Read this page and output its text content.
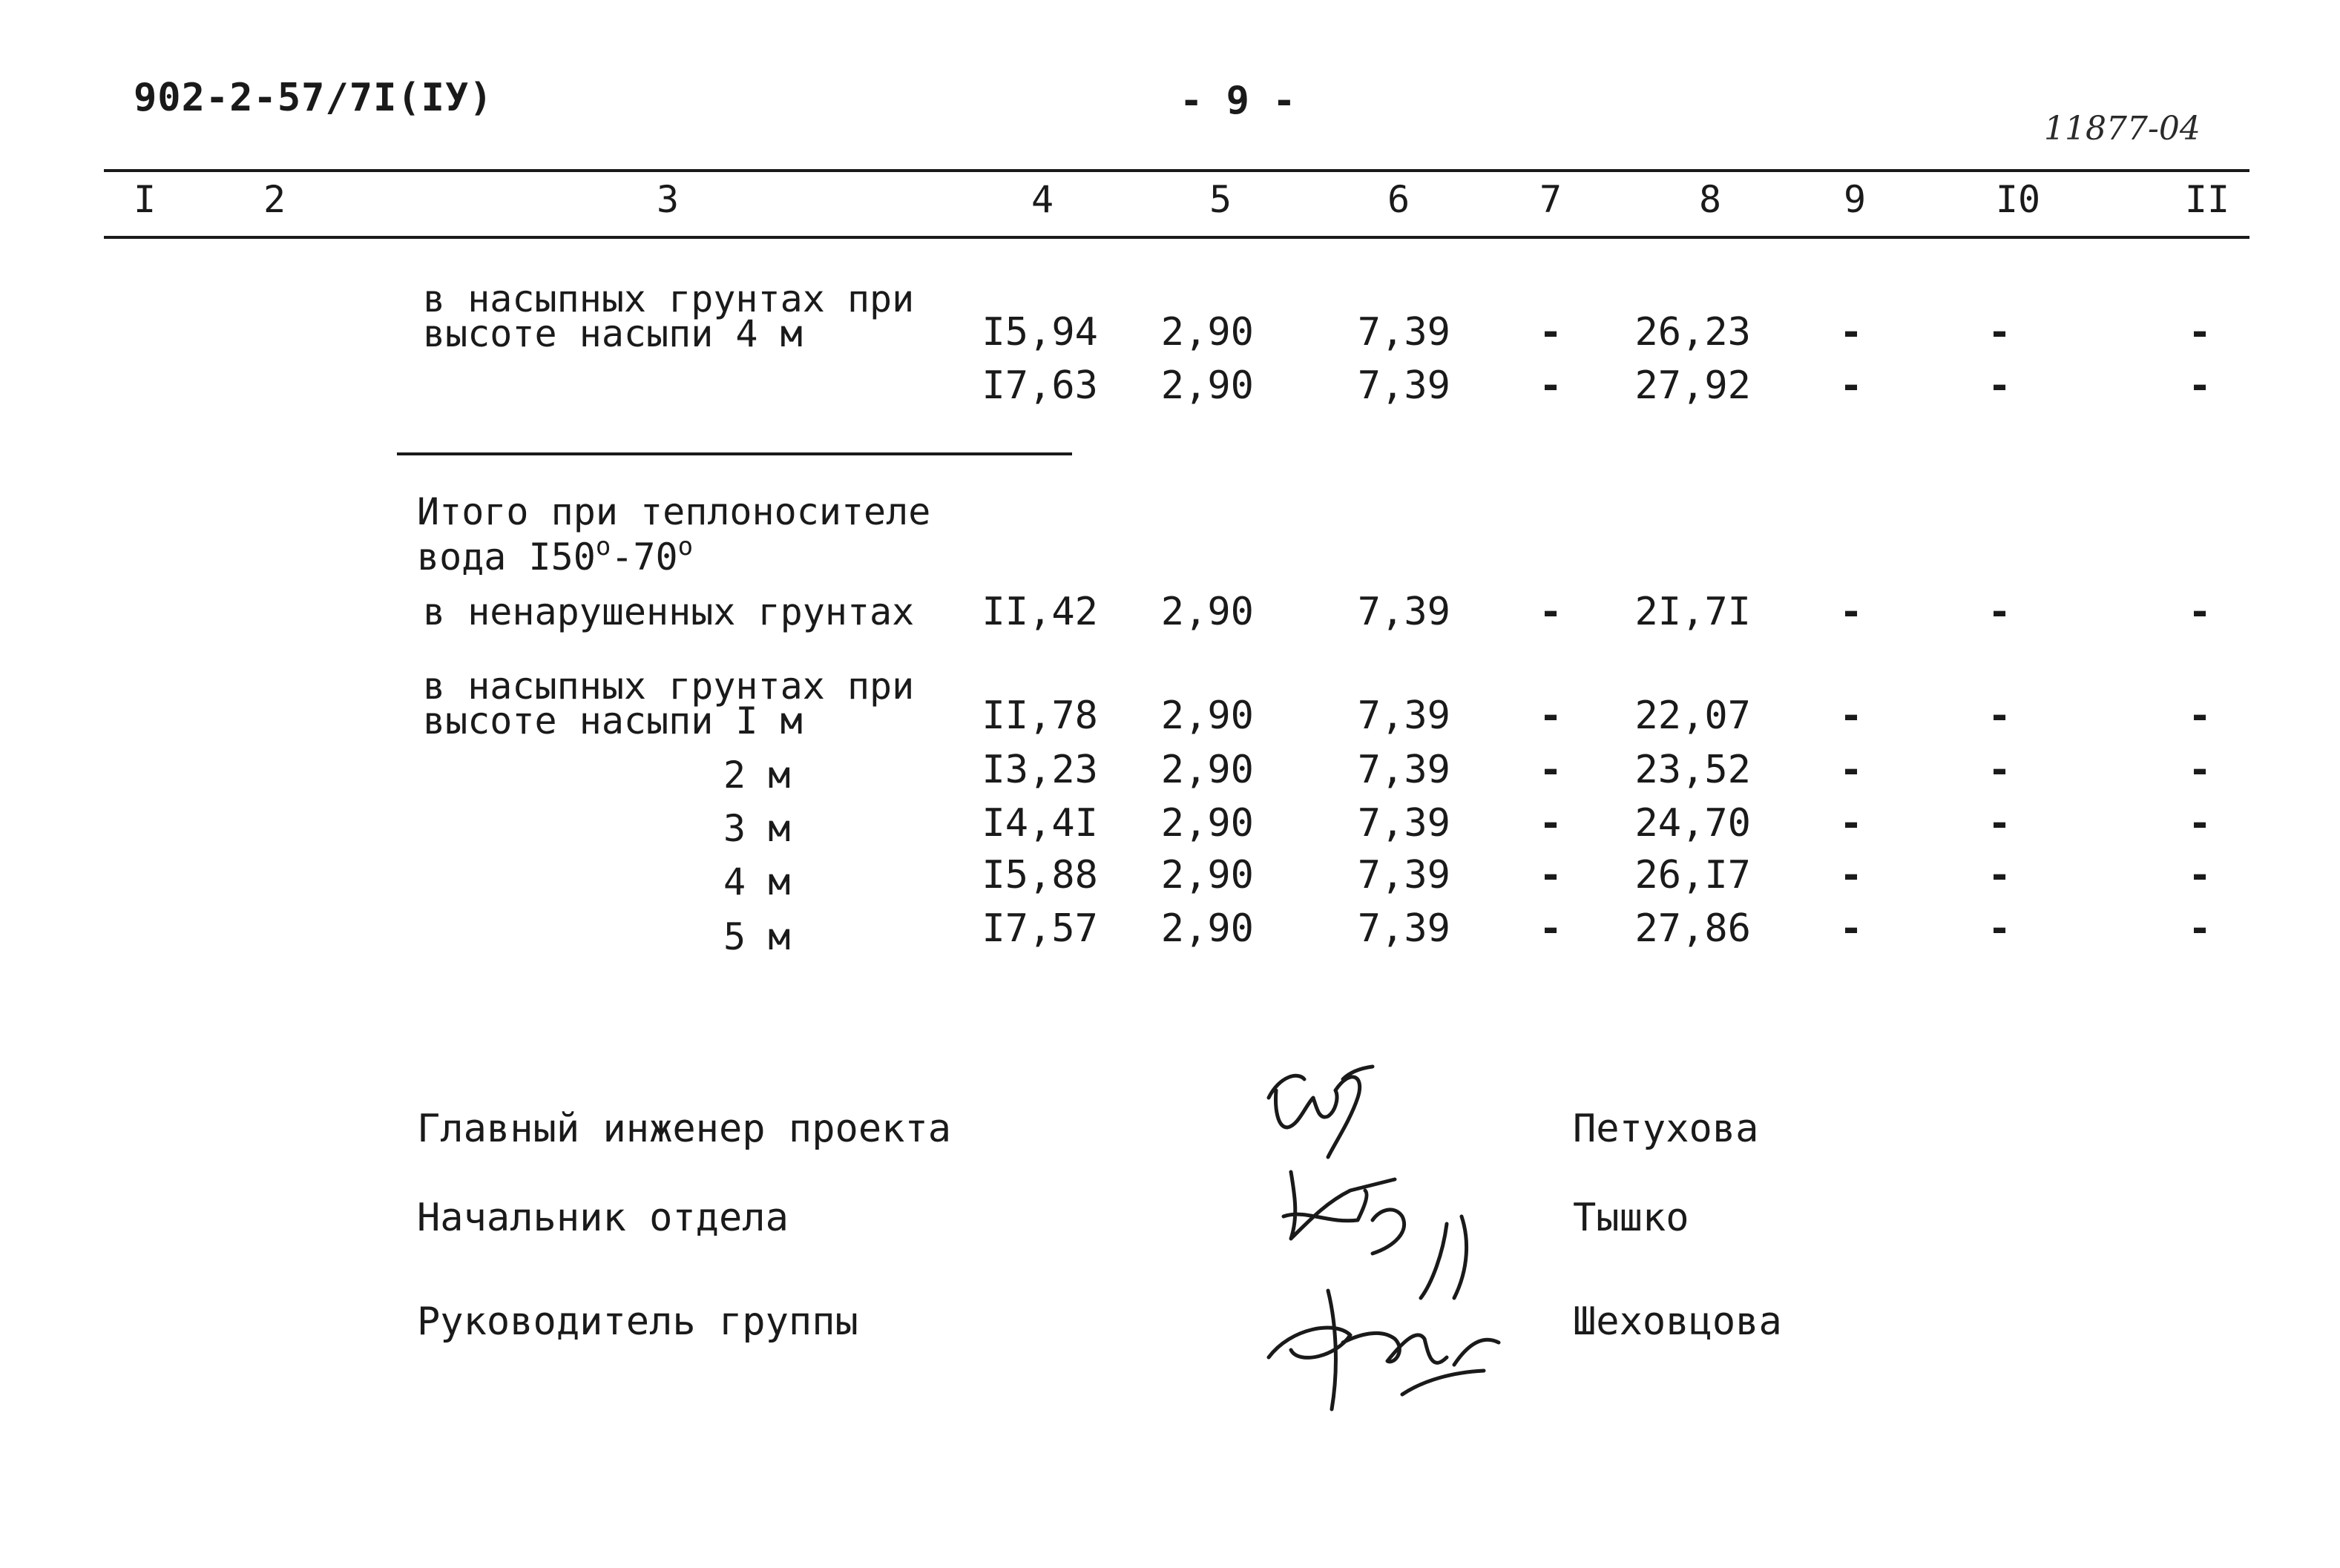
902-2-57/7I(IУ)	- 9 -
11877-04
I	2	3	4	5	6	7	8	9	I0	II
в насыпных грунтах при
высоте насыпи 4 м	I5,94	2,90	7,39	-	26,23	-	-	-
I7,63	2,90	7,39	-	27,92	-	-	-
Итого при теплоносителе
вода $I50^о-70^о$
в ненарушенных грунтах	II,42	2,90	7,39	-	2I,7I	-	-	-
в насыпных грунтах при
высоте насыпи I м	II,78	2,90	7,39	-	22,07	-	-	-
2 м	I3,23	2,90	7,39	-	23,52	-	-	-
3 м	I4,4I	2,90	7,39	-	24,70	-	-	-
4 м	I5,88	2,90	7,39	-	26,I7	-	-	-
5 м	I7,57	2,90	7,39	-	27,86	-	-	-
Главный инженер проекта
Начальник отдела
Руководитель группы
Петухова
Тышко
Шеховцова
